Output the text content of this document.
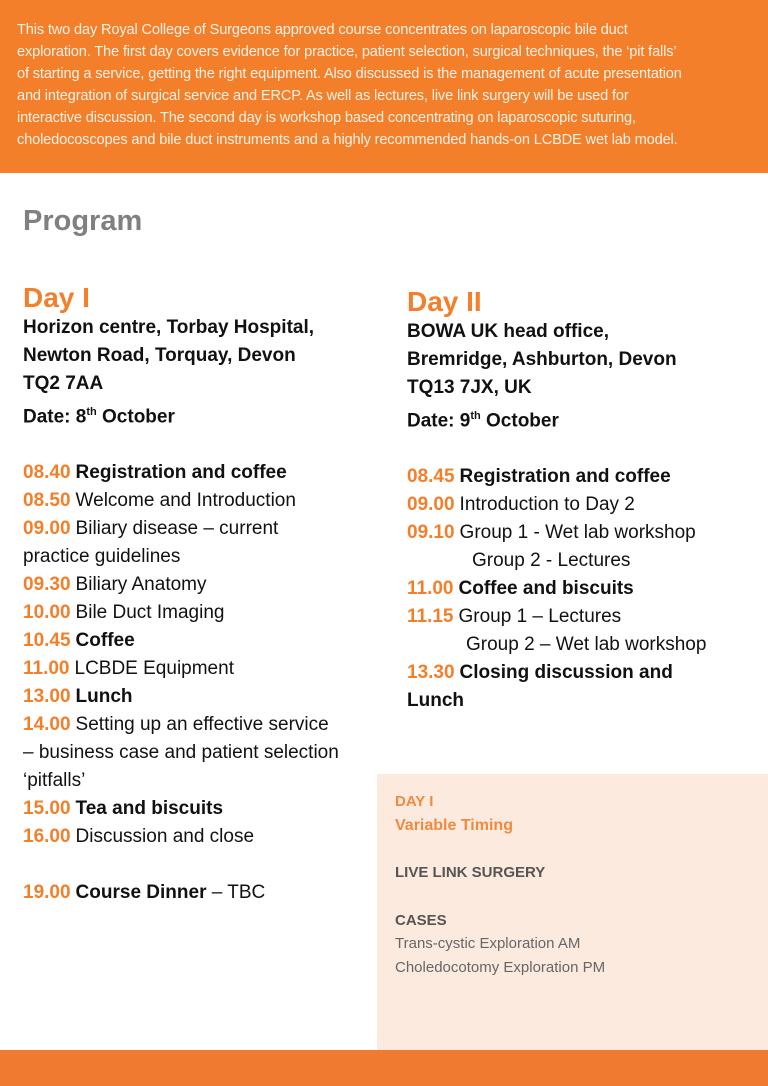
This two day Royal College of Surgeons approved course concentrates on laparoscopic bile duct
exploration. The first day covers evidence for practice, patient selection, surgical techniques, the ‘pit falls’
of starting a service, getting the right equipment. Also discussed is the management of acute presentation
and integration of surgical service and ERCP. As well as lectures, live link surgery will be used for
interactive discussion. The second day is workshop based concentrating on laparoscopic suturing,
choledocoscopes and bile duct instruments and a highly recommended hands-on LCBDE wet lab model.
Program
Day I
Horizon centre, Torbay Hospital,
Newton Road, Torquay, Devon
TQ2 7AA
Date: 8th October
08.40 Registration and coffee
08.50 Welcome and Introduction
09.00 Biliary disease – current
practice guidelines
09.30 Biliary Anatomy
10.00 Bile Duct Imaging
10.45 Coffee
11.00 LCBDE Equipment
13.00 Lunch
14.00 Setting up an effective service
– business case and patient selection
‘pitfalls’
15.00 Tea and biscuits
16.00 Discussion and close
19.00 Course Dinner – TBC
Day II
BOWA UK head office,
Bremridge, Ashburton, Devon
TQ13 7JX, UK
Date: 9th October
08.45 Registration and coffee
09.00 Introduction to Day 2
09.10 Group 1 - Wet lab workshop
Group 2 - Lectures
11.00 Coffee and biscuits
11.15 Group 1 – Lectures
Group 2 – Wet lab workshop
13.30 Closing discussion and
Lunch
DAY I
Variable Timing
LIVE LINK SURGERY
CASES
Trans-cystic Exploration AM
Choledocotomy Exploration PM
